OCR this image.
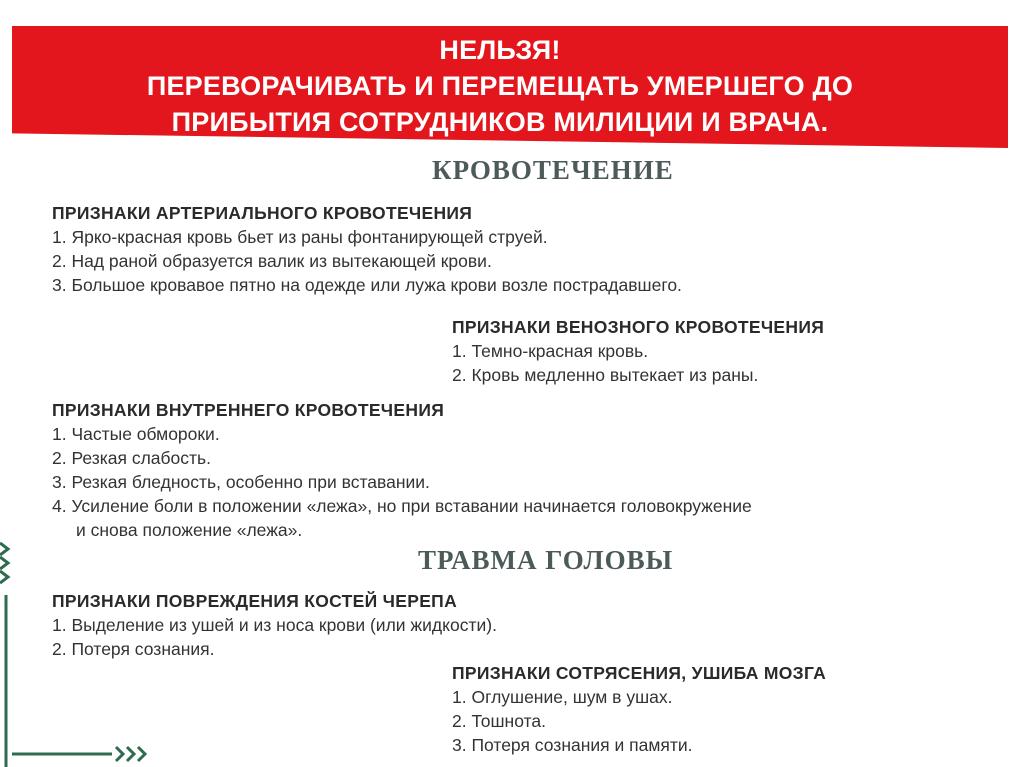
НЕЛЬЗЯ!
ПЕРЕВОРАЧИВАТЬ И ПЕРЕМЕЩАТЬ УМЕРШЕГО ДО
ПРИБЫТИЯ СОТРУДНИКОВ МИЛИЦИИ И ВРАЧА.
КРОВОТЕЧЕНИЕ
ПРИЗНАКИ АРТЕРИАЛЬНОГО КРОВОТЕЧЕНИЯ
1. Ярко-красная кровь бьет из раны фонтанирующей струей.
2. Над раной образуется валик из вытекающей крови.
3. Большое кровавое пятно на одежде или лужа крови возле пострадавшего.
ПРИЗНАКИ ВЕНОЗНОГО КРОВОТЕЧЕНИЯ
1. Темно-красная кровь.
2. Кровь медленно вытекает из раны.
ПРИЗНАКИ ВНУТРЕННЕГО КРОВОТЕЧЕНИЯ
1. Частые обмороки.
2. Резкая слабость.
3. Резкая бледность, особенно при вставании.
4. Усиление боли в положении «лежа», но при вставании начинается головокружение
и снова положение «лежа».
ТРАВМА ГОЛОВЫ
ПРИЗНАКИ ПОВРЕЖДЕНИЯ КОСТЕЙ ЧЕРЕПА
1. Выделение из ушей и из носа крови (или жидкости).
2. Потеря сознания.
ПРИЗНАКИ СОТРЯСЕНИЯ, УШИБА МОЗГА
1. Оглушение, шум в ушах.
2. Тошнота.
3. Потеря сознания и памяти.
